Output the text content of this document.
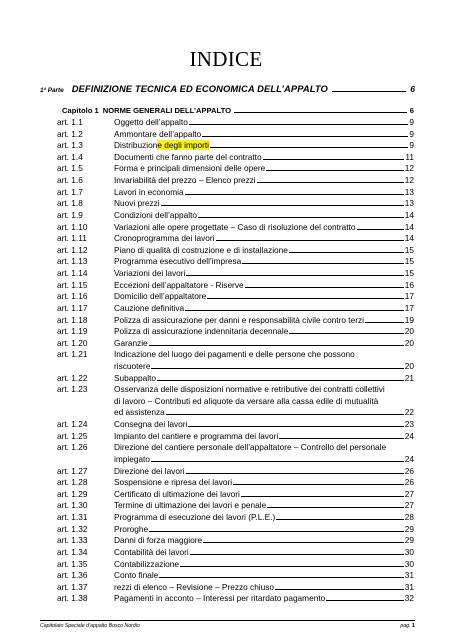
INDICE
1ª Parte DEFINIZIONE TECNICA ED ECONOMICA DELL’APPALTO	6
Capitolo 1 NORME GENERALI DELL’APPALTO	6
art. 1.1	Oggetto dell’appalto	9
art. 1.2	Ammontare dell’appalto	9
art. 1.3	Distribuzione degli importi	9
art. 1.4	Documenti che fanno parte del contratto	11
art. 1.5	Forma e principali dimensioni delle opere	12
art. 1.6	Invariabilità del prezzo – Elenco prezzi	12
art. 1.7	Lavori in economia	13
art. 1.8	Nuovi prezzi	13
art. 1.9	Condizioni dell’appalto	14
art. 1.10	Variazioni alle opere progettate – Caso di risoluzione del contratto	14
art. 1.11	Cronoprogramma dei lavori	14
art. 1.12	Piano di qualità di costruzione e di installazione	15
art. 1.13	Programma esecutivo dell’impresa	15
art. 1.14	Variazioni dei lavori	15
art. 1.15	Eccezioni dell’appaltatore - Riserve	16
art. 1.16	Domicilio dell’appaltatore	17
art. 1.17	Cauzione definitiva	17
art. 1.18	Polizza di assicurazione per danni e responsabilità civile contro terzi	19
art. 1.19	Polizza di assicurazione indennitaria decennale	20
art. 1.20	Garanzie	20
art. 1.21	Indicazione del luogo dei pagamenti e delle persone che possono
riscuotere	20
art. 1.22	Subappalto	21
art. 1.23	Osservanza delle disposizioni normative e retributive dei contratti collettivi
di lavoro – Contributi ed aliquote da versare alla cassa edile di mutualità
ed assistenza	22
art. 1.24	Consegna dei lavori	23
art. 1.25	Impianto del cantiere e programma dei lavori	24
art. 1.26	Direzione del cantiere personale dell’appaltatore – Controllo del personale
impiegato	24
art. 1.27	Direzione dei lavori	26
art. 1.28	Sospensione e ripresa dei lavori	26
art. 1.29	Certificato di ultimazione dei lavori	27
art. 1.30	Termine di ultimazione dei lavori e penale	27
art. 1.31	Programma di esecuzione dei lavori (P.L.E.)	28
art. 1.32	Proroghe	29
art. 1.33	Danni di forza maggiore	29
art. 1.34	Contabilità dei lavori	30
art. 1.35	Contabilizzazione	30
art. 1.36	Conto finale	31
art. 1.37	rezzi di elenco – Revisione – Prezzo chiuso	31
art. 1.38	Pagamenti in acconto – Interessi per ritardato pagamento	32
Capitolato Speciale d’appalto Bosco Nordio	pag. 1
